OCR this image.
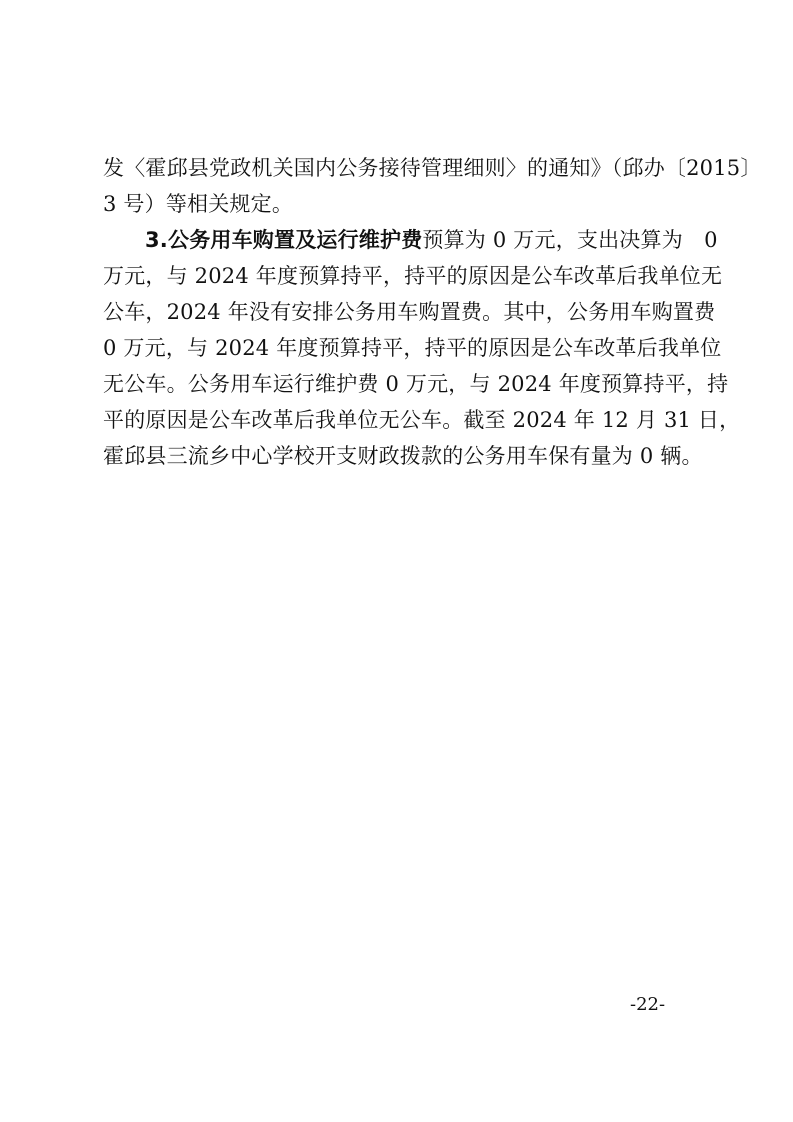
发〈霍邱县党政机关国内公务接待管理细则〉的通知》（邱办〔2015〕
3 号）等相关规定。
3.公务用车购置及运行维护费预算为 0 万元，支出决算为　0
万元，与 2024 年度预算持平，持平的原因是公车改革后我单位无
公车，2024 年没有安排公务用车购置费。其中，公务用车购置费
0 万元，与 2024 年度预算持平，持平的原因是公车改革后我单位
无公车。公务用车运行维护费 0 万元，与 2024 年度预算持平，持
平的原因是公车改革后我单位无公车。截至 2024 年 12 月 31 日，
霍邱县三流乡中心学校开支财政拨款的公务用车保有量为 0 辆。
-22-
